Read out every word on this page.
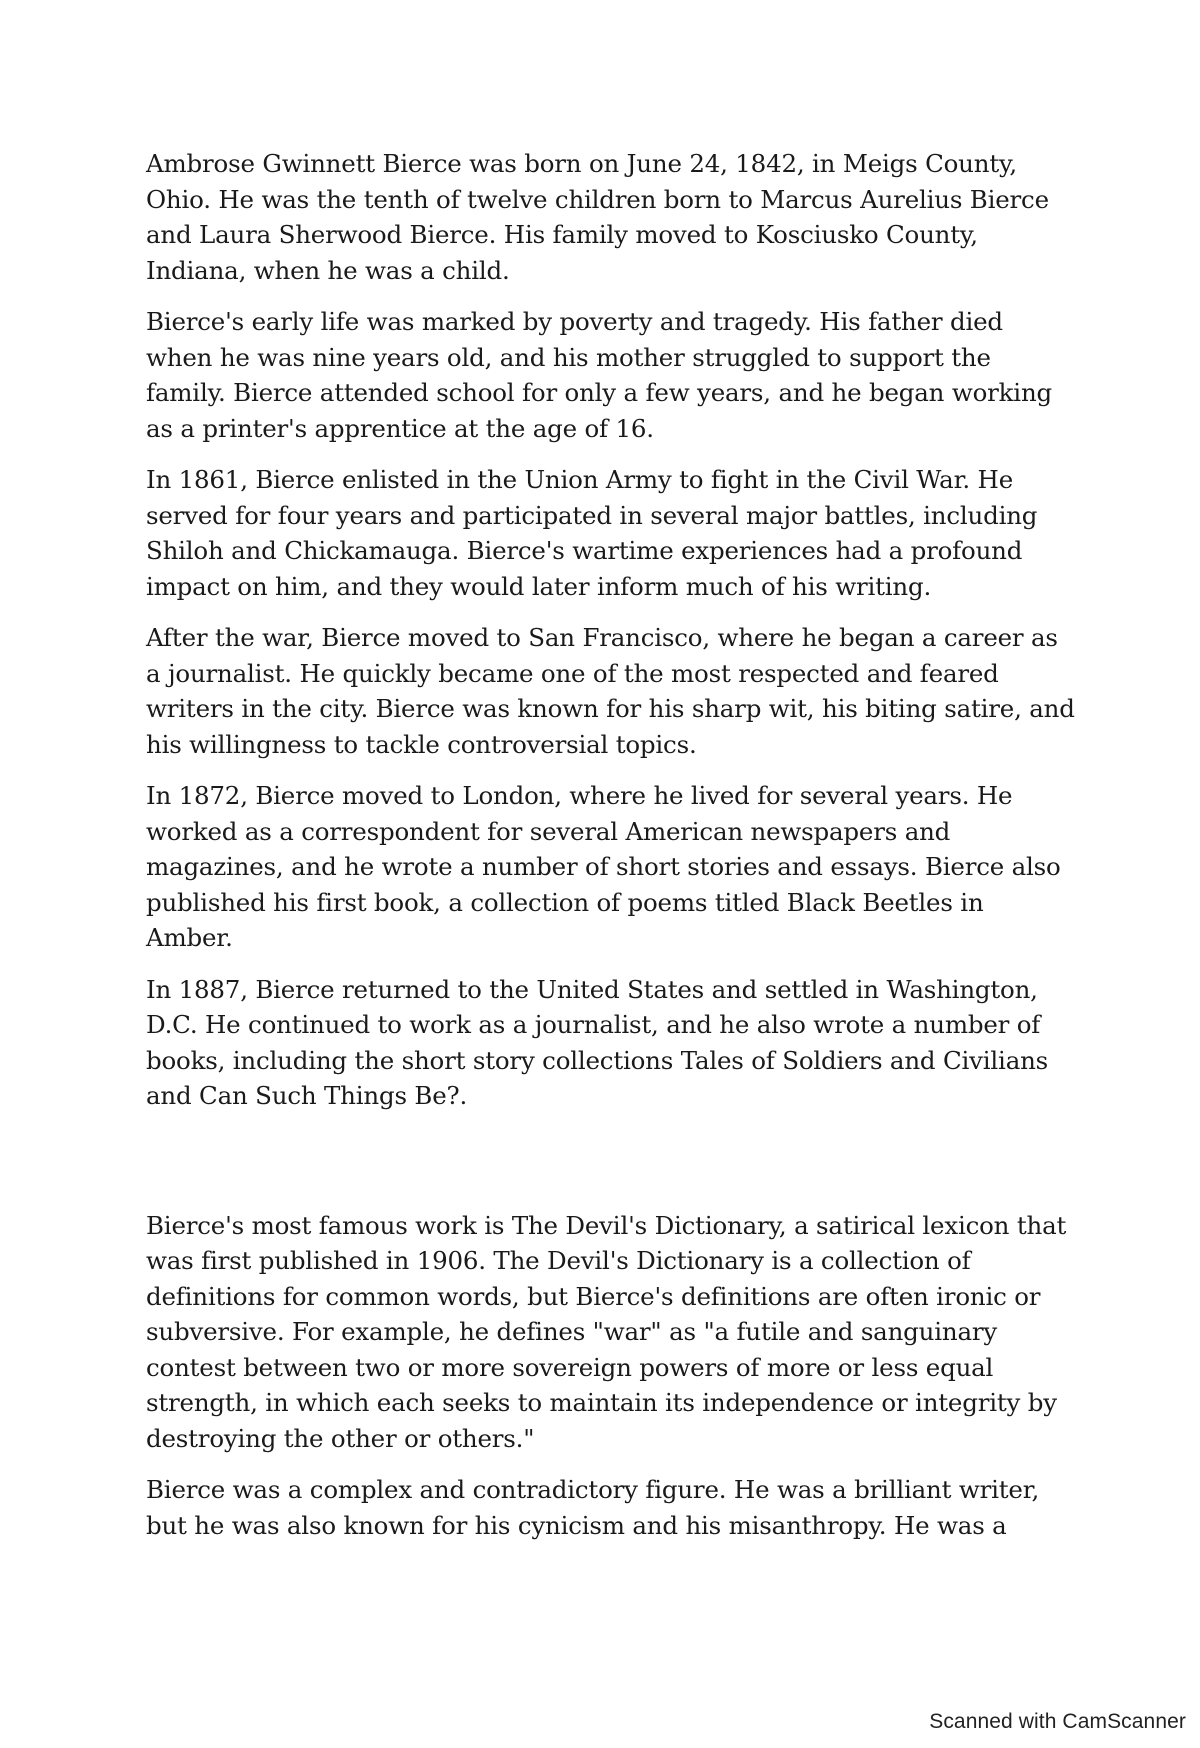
Ambrose Gwinnett Bierce was born on June 24, 1842, in Meigs County, Ohio. He was the tenth of twelve children born to Marcus Aurelius Bierce and Laura Sherwood Bierce. His family moved to Kosciusko County, Indiana, when he was a child.

Bierce's early life was marked by poverty and tragedy. His father died when he was nine years old, and his mother struggled to support the family. Bierce attended school for only a few years, and he began working as a printer's apprentice at the age of 16.

In 1861, Bierce enlisted in the Union Army to fight in the Civil War. He served for four years and participated in several major battles, including Shiloh and Chickamauga. Bierce's wartime experiences had a profound impact on him, and they would later inform much of his writing.

After the war, Bierce moved to San Francisco, where he began a career as a journalist. He quickly became one of the most respected and feared writers in the city. Bierce was known for his sharp wit, his biting satire, and his willingness to tackle controversial topics.

In 1872, Bierce moved to London, where he lived for several years. He worked as a correspondent for several American newspapers and magazines, and he wrote a number of short stories and essays. Bierce also published his first book, a collection of poems titled Black Beetles in Amber.

In 1887, Bierce returned to the United States and settled in Washington, D.C. He continued to work as a journalist, and he also wrote a number of books, including the short story collections Tales of Soldiers and Civilians and Can Such Things Be?.

Bierce's most famous work is The Devil's Dictionary, a satirical lexicon that was first published in 1906. The Devil's Dictionary is a collection of definitions for common words, but Bierce's definitions are often ironic or subversive. For example, he defines "war" as "a futile and sanguinary contest between two or more sovereign powers of more or less equal strength, in which each seeks to maintain its independence or integrity by destroying the other or others."

Bierce was a complex and contradictory figure. He was a brilliant writer, but he was also known for his cynicism and his misanthropy. He was a

Scanned with CamScanner
